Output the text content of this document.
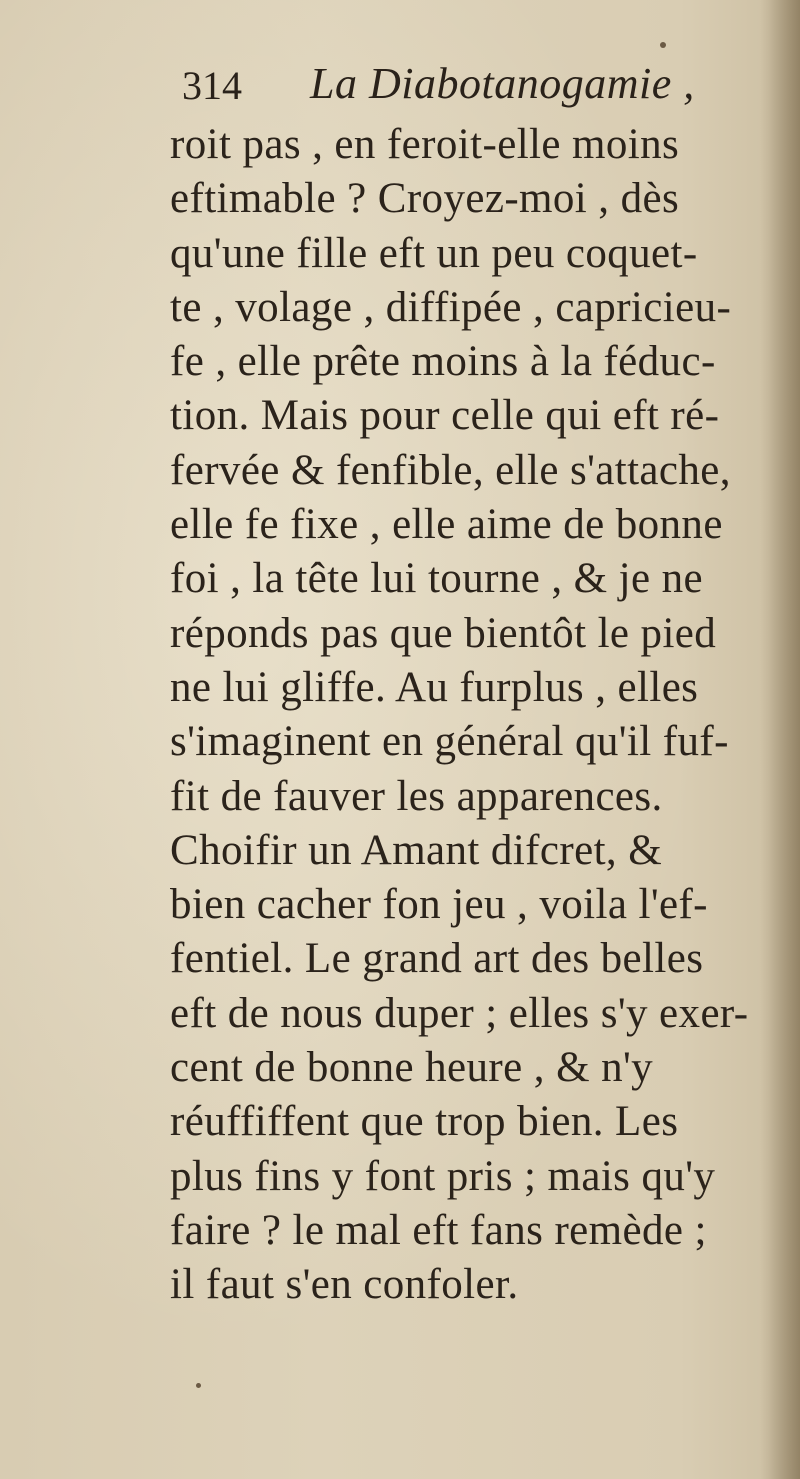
314 La Diabotanogamie ,
roit pas , en feroit-elle moins
eftimable ? Croyez-moi , dès
qu'une fille eft un peu coquet-
te , volage , diffipée , capricieu-
fe , elle prête moins à la féduc-
tion. Mais pour celle qui eft ré-
fervée & fenfible, elle s'attache,
elle fe fixe , elle aime de bonne
foi , la tête lui tourne , & je ne
réponds pas que bientôt le pied
ne lui gliffe. Au furplus , elles
s'imaginent en général qu'il fuf-
fit de fauver les apparences.
Choifir un Amant difcret, &
bien cacher fon jeu , voila l'ef-
fentiel. Le grand art des belles
eft de nous duper ; elles s'y exer-
cent de bonne heure , & n'y
réuffiffent que trop bien. Les
plus fins y font pris ; mais qu'y
faire ? le mal eft fans remède ;
il faut s'en confoler.
